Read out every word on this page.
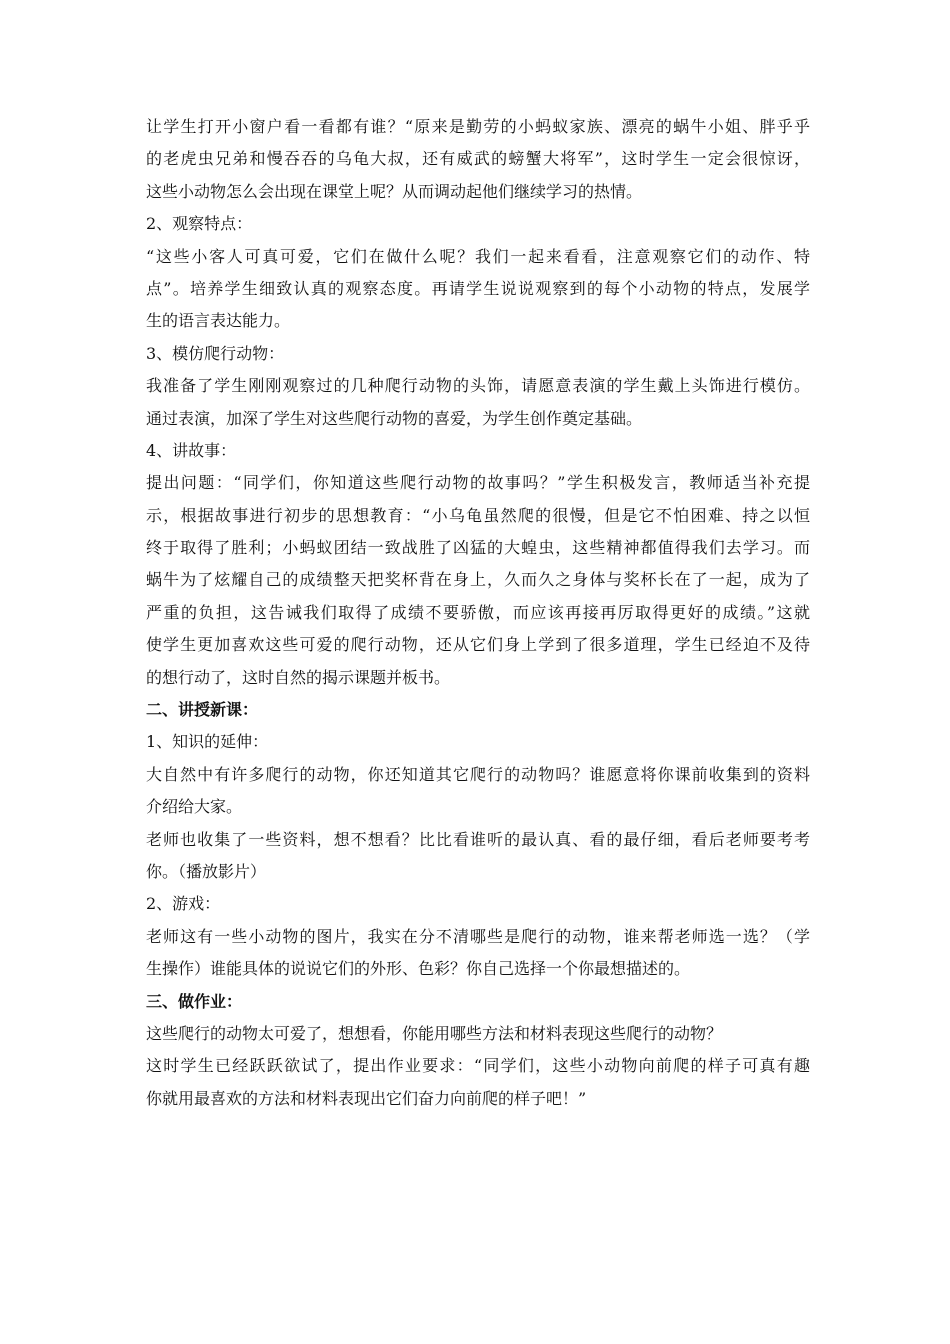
让学生打开小窗户看一看都有谁？“原来是勤劳的小蚂蚁家族、漂亮的蜗牛小姐、胖乎乎
的老虎虫兄弟和慢吞吞的乌龟大叔，还有威武的螃蟹大将军”，这时学生一定会很惊讶，
这些小动物怎么会出现在课堂上呢？从而调动起他们继续学习的热情。
2、观察特点：
“这些小客人可真可爱，它们在做什么呢？我们一起来看看，注意观察它们的动作、特
点”。培养学生细致认真的观察态度。再请学生说说观察到的每个小动物的特点，发展学
生的语言表达能力。
3、模仿爬行动物：
我准备了学生刚刚观察过的几种爬行动物的头饰，请愿意表演的学生戴上头饰进行模仿。
通过表演，加深了学生对这些爬行动物的喜爱，为学生创作奠定基础。
4、讲故事：
提出问题：“同学们，你知道这些爬行动物的故事吗？”学生积极发言，教师适当补充提
示，根据故事进行初步的思想教育：“小乌龟虽然爬的很慢，但是它不怕困难、持之以恒
终于取得了胜利；小蚂蚁团结一致战胜了凶猛的大蝗虫，这些精神都值得我们去学习。而
蜗牛为了炫耀自己的成绩整天把奖杯背在身上，久而久之身体与奖杯长在了一起，成为了
严重的负担，这告诫我们取得了成绩不要骄傲，而应该再接再厉取得更好的成绩。”这就
使学生更加喜欢这些可爱的爬行动物，还从它们身上学到了很多道理，学生已经迫不及待
的想行动了，这时自然的揭示课题并板书。
二、讲授新课：
1、知识的延伸：
大自然中有许多爬行的动物，你还知道其它爬行的动物吗？谁愿意将你课前收集到的资料
介绍给大家。
老师也收集了一些资料，想不想看？比比看谁听的最认真、看的最仔细，看后老师要考考
你。（播放影片）
2、游戏：
老师这有一些小动物的图片，我实在分不清哪些是爬行的动物，谁来帮老师选一选？（学
生操作）谁能具体的说说它们的外形、色彩？你自己选择一个你最想描述的。
三、做作业：
这些爬行的动物太可爱了，想想看，你能用哪些方法和材料表现这些爬行的动物？
这时学生已经跃跃欲试了，提出作业要求：“同学们，这些小动物向前爬的样子可真有趣
你就用最喜欢的方法和材料表现出它们奋力向前爬的样子吧！”
